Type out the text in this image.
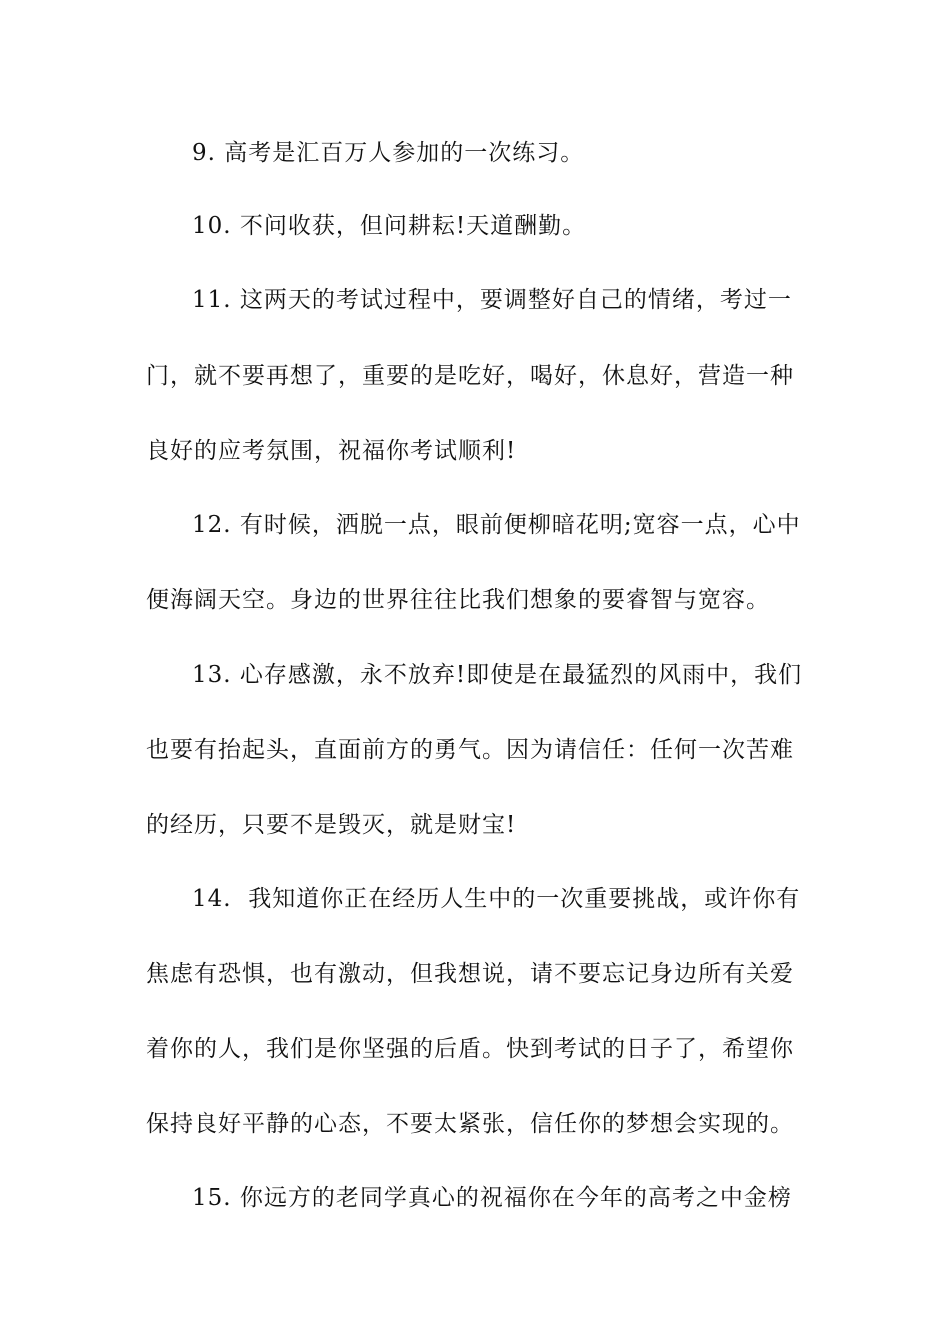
9. 高考是汇百万人参加的一次练习。
10. 不问收获，但问耕耘!天道酬勤。
11. 这两天的考试过程中，要调整好自己的情绪，考过一
门，就不要再想了，重要的是吃好，喝好，休息好，营造一种
良好的应考氛围，祝福你考试顺利!
12. 有时候，洒脱一点，眼前便柳暗花明;宽容一点，心中
便海阔天空。身边的世界往往比我们想象的要睿智与宽容。
13. 心存感激，永不放弃!即使是在最猛烈的风雨中，我们
也要有抬起头，直面前方的勇气。因为请信任：任何一次苦难
的经历，只要不是毁灭，就是财宝!
14.  我知道你正在经历人生中的一次重要挑战，或许你有
焦虑有恐惧，也有激动，但我想说，请不要忘记身边所有关爱
着你的人，我们是你坚强的后盾。快到考试的日子了，希望你
保持良好平静的心态，不要太紧张，信任你的梦想会实现的。
15. 你远方的老同学真心的祝福你在今年的高考之中金榜
